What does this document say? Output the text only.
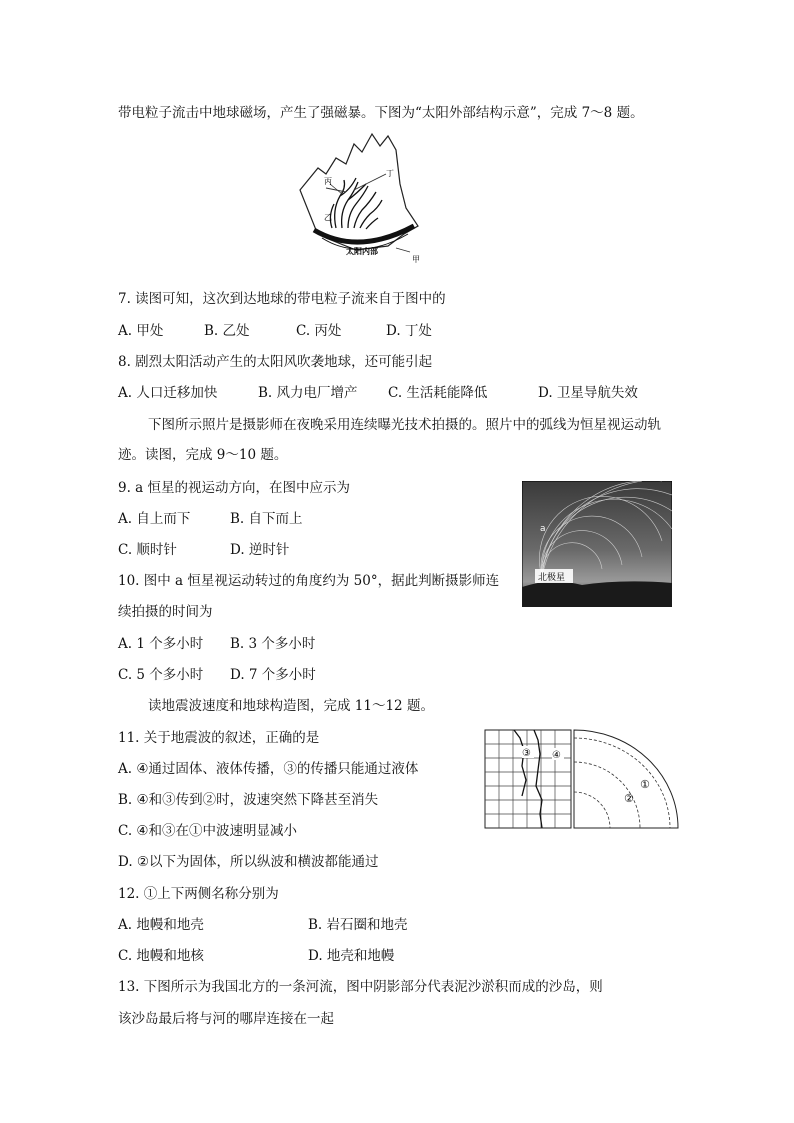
带电粒子流击中地球磁场，产生了强磁暴。下图为“太阳外部结构示意”，完成 7～8 题。
丙
丁
乙
甲
太阳内部
7. 读图可知，这次到达地球的带电粒子流来自于图中的
A. 甲处	B. 乙处	C. 丙处	D. 丁处
8. 剧烈太阳活动产生的太阳风吹袭地球，还可能引起
A. 人口迁移加快	B. 风力电厂增产 C. 生活耗能降低	D. 卫星导航失效
下图所示照片是摄影师在夜晚采用连续曝光技术拍摄的。照片中的弧线为恒星视运动轨
迹。读图，完成 9～10 题。
9. a 恒星的视运动方向，在图中应示为
A. 自上而下	B. 自下而上
C. 顺时针	D. 逆时针
北极星
a
10. 图中 a 恒星视运动转过的角度约为 50°，据此判断摄影师连
续拍摄的时间为
A. 1 个多小时 B. 3 个多小时
C. 5 个多小时 D. 7 个多小时
读地震波速度和地球构造图，完成 11～12 题。
11. 关于地震波的叙述，正确的是
A. ④通过固体、液体传播，③的传播只能通过液体
B. ④和③传到②时，波速突然下降甚至消失
C. ④和③在①中波速明显减小
D. ②以下为固体，所以纵波和横波都能通过
③ ④
①
②
12. ①上下两侧名称分别为
A. 地幔和地壳	B. 岩石圈和地壳
C. 地幔和地核	D. 地壳和地幔
13. 下图所示为我国北方的一条河流，图中阴影部分代表泥沙淤积而成的沙岛，则
该沙岛最后将与河的哪岸连接在一起
